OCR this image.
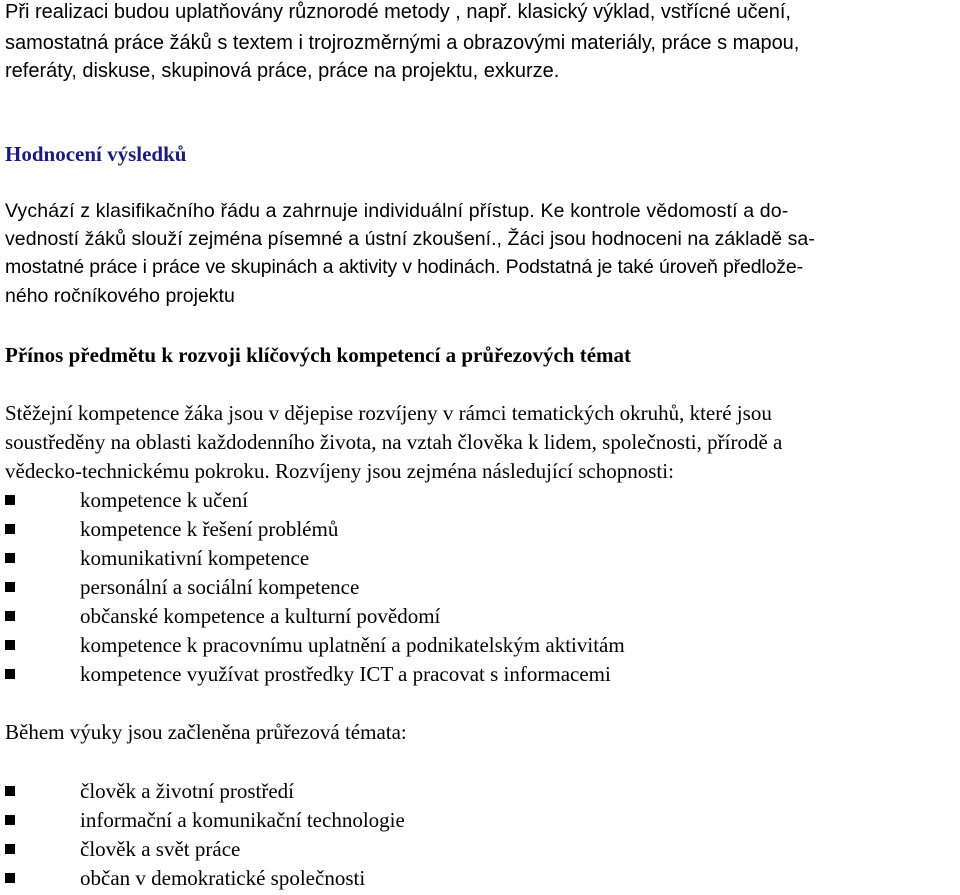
Při realizaci budou uplatňovány různorodé metody , např. klasický výklad, vstřícné učení,
samostatná práce žáků s textem i trojrozměrnými a obrazovými materiály, práce s mapou,
referáty, diskuse, skupinová práce, práce na projektu, exkurze.
Hodnocení výsledků
Vychází z klasifikačního řádu a zahrnuje individuální přístup. Ke kontrole vědomostí a do-
vedností žáků slouží zejména písemné a ústní zkoušení., Žáci jsou hodnoceni na základě sa-
mostatné práce i práce ve skupinách a aktivity v hodinách. Podstatná je také úroveň předlože-
ného ročníkového projektu
Přínos předmětu k rozvoji klíčových kompetencí a průřezových témat
Stěžejní kompetence žáka jsou v dějepise rozvíjeny v rámci tematických okruhů, které jsou
soustředěny na oblasti každodenního života, na vztah člověka k lidem, společnosti, přírodě a
vědecko-technickému pokroku. Rozvíjeny jsou zejména následující schopnosti:
kompetence k učení
kompetence k řešení problémů
komunikativní kompetence
personální a sociální kompetence
občanské kompetence a kulturní povědomí
kompetence k pracovnímu uplatnění a podnikatelským aktivitám
kompetence využívat prostředky ICT a pracovat s informacemi
Během výuky jsou začleněna průřezová témata:
člověk a životní prostředí
informační a komunikační technologie
člověk a svět práce
občan v demokratické společnosti
